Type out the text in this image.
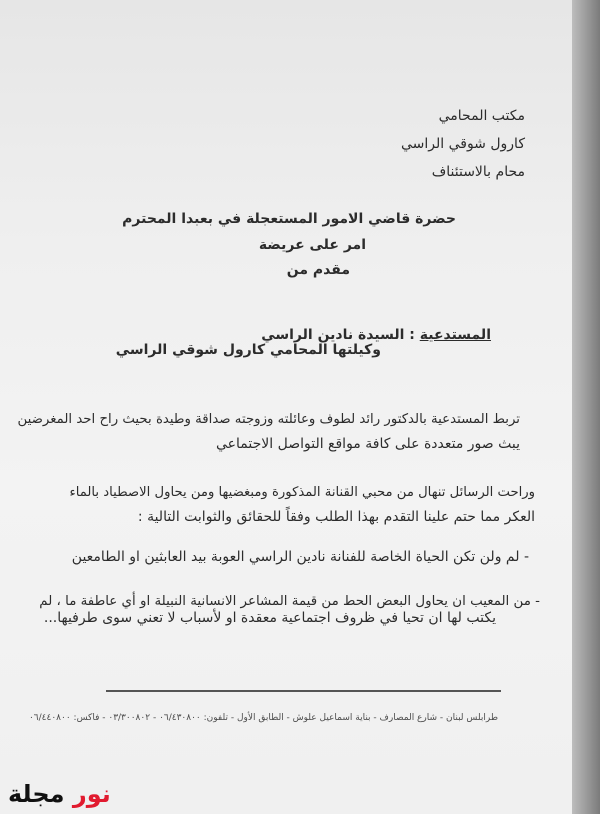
مكتب المحامي
كارول شوقي الراسي
محام بالاستئناف
حضرة قاضي الامور المستعجلة في بعبدا المحترم
امر على عريضة
مقدم من
المستدعية : السيدة نادين الراسي
وكيلتها المحامي كارول شوقي الراسي
تربط المستدعية بالدكتور رائد لطوف وعائلته وزوجته صداقة وطيدة بحيث راح احد المغرضين
يبث صور متعددة على كافة مواقع التواصل الاجتماعي
وراحت الرسائل تنهال من محبي القنانة المذكورة ومبغضيها ومن يحاول الاصطياد بالماء
العكر مما حتم علينا التقدم بهذا الطلب وفقاً للحقائق والثوابت التالية :
- لم ولن تكن الحياة الخاصة للفنانة نادين الراسي العوبة بيد العابثين او الطامعين
- من المعيب ان يحاول البعض الحط من قيمة المشاعر الانسانية النبيلة او أي عاطفة ما ، لم
يكتب لها ان تحيا في ظروف اجتماعية معقدة او لأسباب لا تعني سوى طرفيها...
طرابلس لبنان - شارع المصارف - بناية اسماعيل علوش - الطابق الأول - تلفون: ٠٦/٤٣٠٨٠٠ - ٠٣/٣٠٠٨٠٢ - فاكس: ٠٦/٤٤٠٨٠٠
نور مجلة
